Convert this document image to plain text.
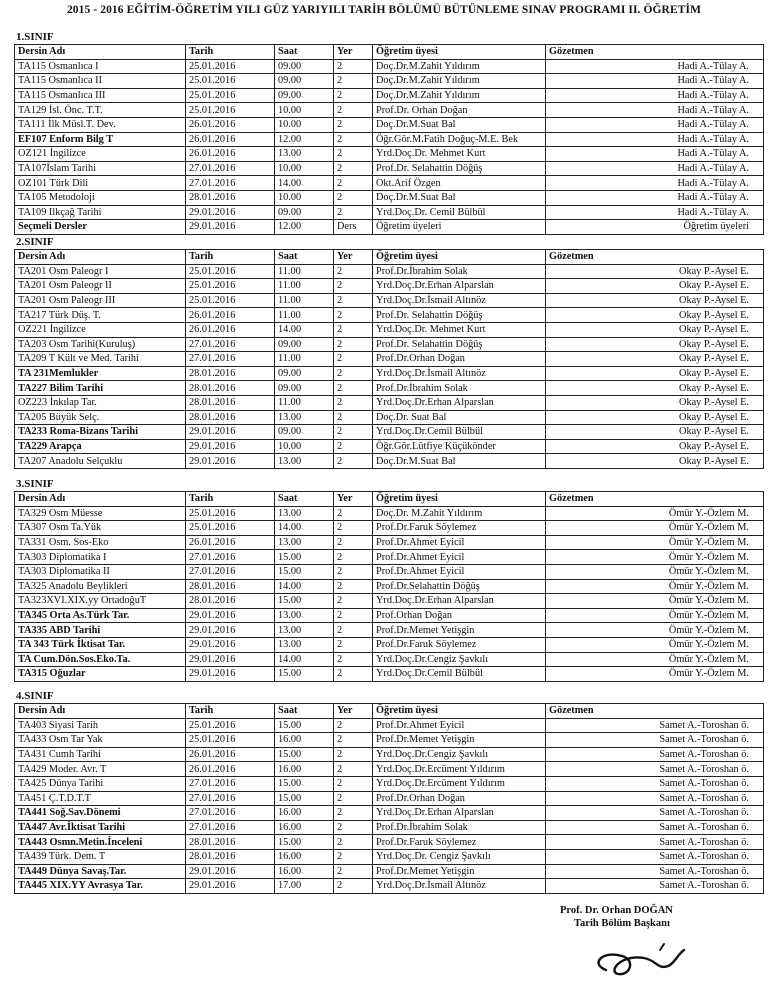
2015 - 2016 EĞİTİM-ÖĞRETİM YILI GÜZ YARIYILI TARİH BÖLÜMÜ BÜTÜNLEME SINAV PROGRAMI II. ÖĞRETİM
1.SINIF
Dersin Adı	Tarih	Saat	Yer	Öğretim üyesi	Gözetmen
TA115 Osmanlıca I	25.01.2016	09.00	2	Doç.Dr.M.Zahit Yıldırım	Hadi A.-Tülay A.
TA115 Osmanlıca II	25.01.2016	09.00	2	Doç.Dr.M.Zahit Yıldırım	Hadi A.-Tülay A.
TA115 Osmanlıca III	25.01.2016	09.00	2	Doç.Dr.M.Zahit Yıldırım	Hadi A.-Tülay A.
TA129 İsl. Önc. T.T.	25.01.2016	10.00	2	Prof.Dr. Orhan Doğan	Hadi A.-Tülay A.
TA111 İlk Müsl.T. Dev.	26.01.2016	10.00	2	Doç.Dr.M.Suat Bal	Hadi A.-Tülay A.
EF107 Enform Bilg T	26.01.2016	12.00	2	Öğr.Gör.M.Fatih Doğuç-M.E. Bek	Hadi A.-Tülay A.
OZ121 İngilizce	26.01.2016	13.00	2	Yrd.Doç.Dr. Mehmet Kurt	Hadi A.-Tülay A.
TA107İslam Tarihi	27.01.2016	10.00	2	Prof.Dr. Selahattin Döğüş	Hadi A.-Tülay A.
OZ101 Türk Dili	27.01.2016	14.00	2	Okt.Arif Özgen	Hadi A.-Tülay A.
TA105 Metodoloji	28.01.2016	10.00	2	Doç.Dr.M.Suat Bal	Hadi A.-Tülay A.
TA109 Ilkçağ Tarihi	29.01.2016	09.00	2	Yrd.Doç.Dr. Cemil Bülbül	Hadi A.-Tülay A.
Seçmeli Dersler	29.01.2016	12.00	Ders	Öğretim üyeleri	Öğretim üyeleri
2.SINIF
Dersin Adı	Tarih	Saat	Yer	Öğretim üyesi	Gözetmen
TA201 Osm Paleogr I	25.01.2016	11.00	2	Prof.Dr.İbrahim Solak	Okay P.-Aysel E.
TA201 Osm Paleogr II	25.01.2016	11.00	2	Yrd.Doç.Dr.Erhan Alparslan	Okay P.-Aysel E.
TA201 Osm Paleogr III	25.01.2016	11.00	2	Yrd.Doç.Dr.İsmail Altınöz	Okay P.-Aysel E.
TA217 Türk Düş. T.	26.01.2016	11.00	2	Prof.Dr. Selahattin Döğüş	Okay P.-Aysel E.
OZ221 İngilizce	26.01.2016	14.00	2	Yrd.Doç.Dr. Mehmet Kurt	Okay P.-Aysel E.
TA203 Osm Tarihi(Kuruluş)	27.01.2016	09.00	2	Prof.Dr. Selahattin Döğüş	Okay P.-Aysel E.
TA209 T Kült ve Med. Tarihi	27.01.2016	11.00	2	Prof.Dr.Orhan Doğan	Okay P.-Aysel E.
TA 231Memlukler	28.01.2016	09.00	2	Yrd.Doç.Dr.İsmail Altınöz	Okay P.-Aysel E.
TA227 Bilim Tarihi	28.01.2016	09.00	2	Prof.Dr.İbrahim Solak	Okay P.-Aysel E.
OZ223 İnkılap Tar.	28.01.2016	11.00	2	Yrd.Doç.Dr.Erhan Alparslan	Okay P.-Aysel E.
TA205 Büyük Selç.	28.01.2016	13.00	2	Doç.Dr. Suat Bal	Okay P.-Aysel E.
TA233 Roma-Bizans Tarihi	29.01.2016	09.00	2	Yrd.Doç.Dr.Cemil Bülbül	Okay P.-Aysel E.
TA229 Arapça	29.01.2016	10.00	2	Öğr.Gör.Lütfiye Küçükönder	Okay P.-Aysel E.
TA207 Anadolu Selçuklu	29.01.2016	13.00	2	Doç.Dr.M.Suat Bal	Okay P.-Aysel E.
3.SINIF
Dersin Adı	Tarih	Saat	Yer	Öğretim üyesi	Gözetmen
TA329 Osm Müesse	25.01.2016	13.00	2	Doç.Dr. M.Zahit Yıldırım	Ömür Y.-Özlem M.
TA307 Osm Ta.Yük	25.01.2016	14.00	2	Prof.Dr.Faruk Söylemez	Ömür Y.-Özlem M.
TA331 Osm. Sos-Eko	26.01.2016	13.00	2	Prof.Dr.Ahmet Eyicil	Ömür Y.-Özlem M.
TA303 Diplomatika I	27.01.2016	15.00	2	Prof.Dr.Ahmet Eyicil	Ömür Y.-Özlem M.
TA303 Diplomatika II	27.01.2016	15.00	2	Prof.Dr.Ahmet Eyicil	Ömür Y.-Özlem M.
TA325 Anadolu Beylikleri	28.01.2016	14.00	2	Prof.Dr.Selahattin Döğüş	Ömür Y.-Özlem M.
TA323XVI.XIX.yy OrtadoğuT	28.01.2016	15.00	2	Yrd.Doç.Dr.Erhan Alparslan	Ömür Y.-Özlem M.
TA345 Orta As.Türk Tar.	29.01.2016	13.00	2	Prof.Orhan Doğan	Ömür Y.-Özlem M.
TA335 ABD Tarihi	29.01.2016	13.00	2	Prof.Dr.Memet Yetişgin	Ömür Y.-Özlem M.
TA 343 Türk İktisat Tar.	29.01.2016	13.00	2	Prof.Dr.Faruk Söylemez	Ömür Y.-Özlem M.
TA Cum.Dön.Sos.Eko.Ta.	29.01.2016	14.00	2	Yrd.Doç.Dr.Cengiz Şavkılı	Ömür Y.-Özlem M.
TA315 Oğuzlar	29.01.2016	15.00	2	Yrd.Doç.Dr.Cemil Bülbül	Ömür Y.-Özlem M.
4.SINIF
Dersin Adı	Tarih	Saat	Yer	Öğretim üyesi	Gözetmen
TA403 Siyasi Tarih	25.01.2016	15.00	2	Prof.Dr.Ahmet Eyicil	Samet A.-Toroshan ö.
TA433 Osm Tar Yak	25.01.2016	16.00	2	Prof.Dr.Memet Yetişgin	Samet A.-Toroshan ö.
TA431 Cumh Tarihi	26.01.2016	15.00	2	Yrd.Doç.Dr.Cengiz Şavkılı	Samet A.-Toroshan ö.
TA429 Moder. Avr. T	26.01.2016	16.00	2	Yrd.Doç.Dr.Ercüment Yıldırım	Samet A.-Toroshan ö.
TA425 Dünya Tarihi	27.01.2016	15.00	2	Yrd.Doç.Dr.Ercüment Yıldırım	Samet A.-Toroshan ö.
TA451 Ç.T.D.T.T	27.01.2016	15.00	2	Prof.Dr.Orhan Doğan	Samet A.-Toroshan ö.
TA441 Soğ.Sav.Dönemi	27.01.2016	16.00	2	Yrd.Doç.Dr.Erhan Alparslan	Samet A.-Toroshan ö.
TA447 Avr.İktisat Tarihi	27.01.2016	16.00	2	Prof.Dr.İbrahim Solak	Samet A.-Toroshan ö.
TA443 Osmn.Metin.İnceleni	28.01.2016	15.00	2	Prof.Dr.Faruk Söylemez	Samet A.-Toroshan ö.
TA439 Türk. Dem. T	28.01.2016	16.00	2	Yrd.Doç.Dr. Cengiz Şavkılı	Samet A.-Toroshan ö.
TA449 Dünya Savaş.Tar.	29.01.2016	16.00	2	Prof.Dr.Memet Yetişgin	Samet A.-Toroshan ö.
TA445 XIX.YY Avrasya Tar.	29.01.2016	17.00	2	Yrd.Doç.Dr.İsmail Altınöz	Samet A.-Toroshan ö.
Prof. Dr. Orhan DOĞAN
Tarih Bölüm Başkanı
